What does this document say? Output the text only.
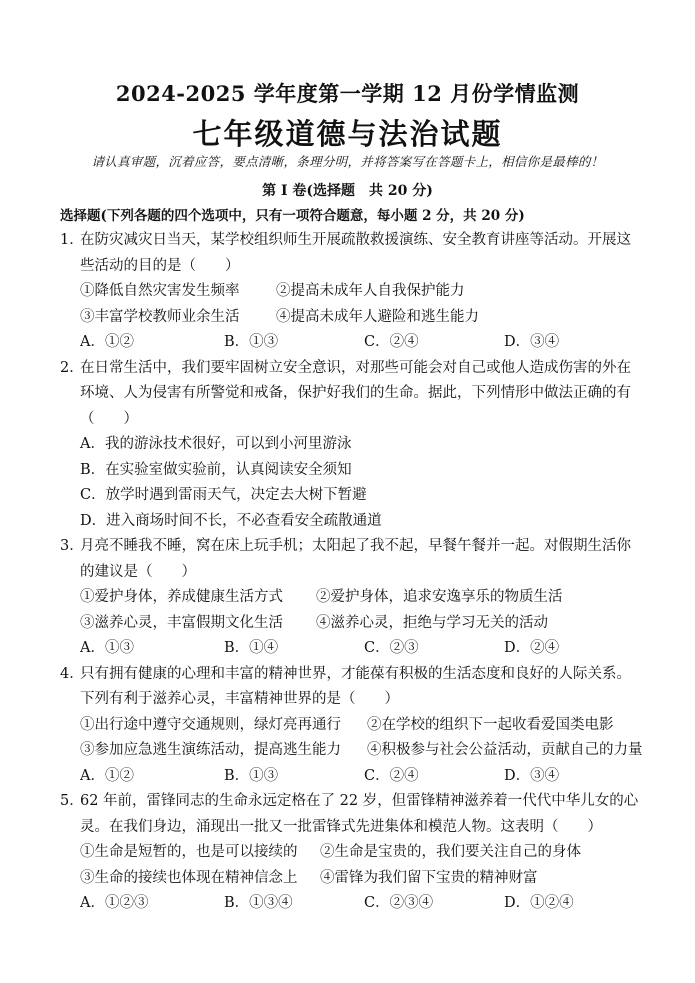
2024-2025 学年度第一学期 12 月份学情监测
七年级道德与法治试题
请认真审题，沉着应答，要点清晰，条理分明，并将答案写在答题卡上，相信你是最棒的！
第 I 卷(选择题　共 20 分)
选择题(下列各题的四个选项中，只有一项符合题意，每小题 2 分，共 20 分)
1．在防灾减灾日当天，某学校组织师生开展疏散救援演练、安全教育讲座等活动。开展这
些活动的目的是（　　）
①降低自然灾害发生频率	②提高未成年人自我保护能力
③丰富学校教师业余生活	④提高未成年人避险和逃生能力
A．①②	B．①③	C．②④	D．③④
2．在日常生活中，我们要牢固树立安全意识，对那些可能会对自己或他人造成伤害的外在
环境、人为侵害有所警觉和戒备，保护好我们的生命。据此，下列情形中做法正确的有
（　　）
A．我的游泳技术很好，可以到小河里游泳
B．在实验室做实验前，认真阅读安全须知
C．放学时遇到雷雨天气，决定去大树下暂避
D．进入商场时间不长，不必查看安全疏散通道
3．月亮不睡我不睡，窝在床上玩手机；太阳起了我不起，早餐午餐并一起。对假期生活你
的建议是（　　）
①爱护身体，养成健康生活方式	②爱护身体，追求安逸享乐的物质生活
③滋养心灵，丰富假期文化生活	④滋养心灵，拒绝与学习无关的活动
A．①③	B．①④	C．②③	D．②④
4．只有拥有健康的心理和丰富的精神世界，才能葆有积极的生活态度和良好的人际关系。
下列有利于滋养心灵，丰富精神世界的是（　　）
①出行途中遵守交通规则，绿灯亮再通行	②在学校的组织下一起收看爱国类电影
③参加应急逃生演练活动，提高逃生能力	④积极参与社会公益活动，贡献自己的力量
A．①②	B．①③	C．②④	D．③④
5．62 年前，雷锋同志的生命永远定格在了 22 岁，但雷锋精神滋养着一代代中华儿女的心
灵。在我们身边，涌现出一批又一批雷锋式先进集体和模范人物。这表明（　　）
①生命是短暂的，也是可以接续的	②生命是宝贵的，我们要关注自己的身体
③生命的接续也体现在精神信念上	④雷锋为我们留下宝贵的精神财富
A．①②③	B．①③④	C．②③④	D．①②④
